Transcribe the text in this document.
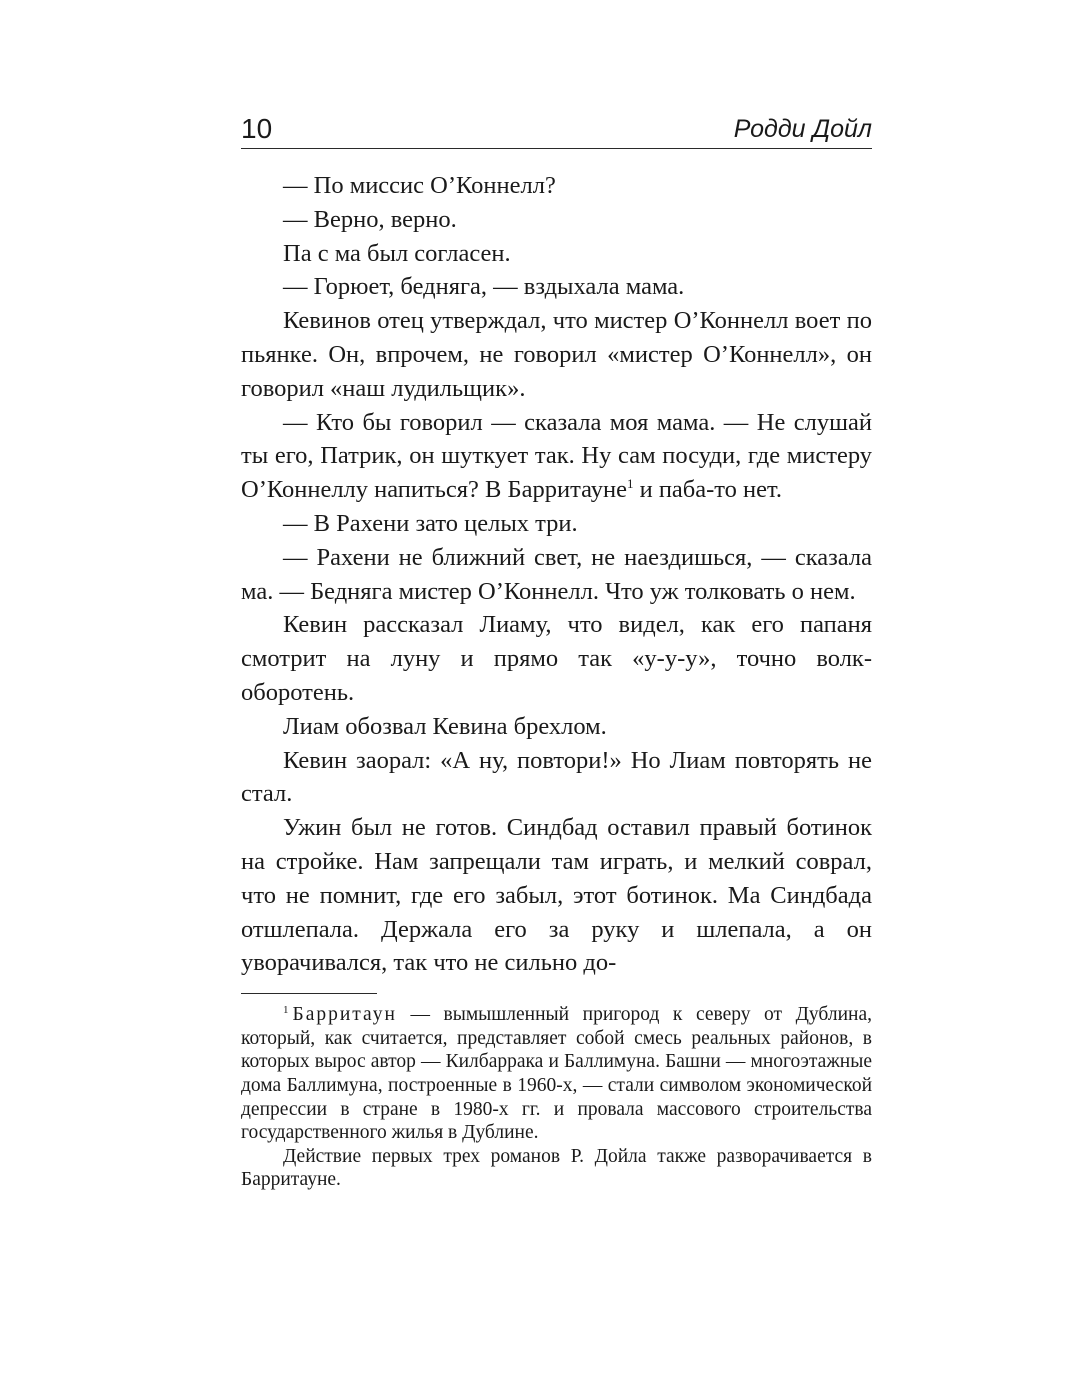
10	Родди Дойл

— По миссис О’Коннелл?

— Верно, верно.

Па с ма был согласен.

— Горюет, бедняга, — вздыхала мама.

Кевинов отец утверждал, что мистер О’Коннелл воет по пьянке. Он, впрочем, не говорил «мистер О’Коннелл», он говорил «наш лудильщик».

— Кто бы говорил — сказала моя мама. — Не слушай ты его, Патрик, он шуткует так. Ну сам посуди, где мистеру О’Коннеллу напиться? В Барритауне$^1$ и паба-то нет.

— В Рахени зато целых три.

— Рахени не ближний свет, не наездишься, — сказала ма. — Бедняга мистер О’Коннелл. Что уж толковать о нем.

Кевин рассказал Лиаму, что видел, как его папаня смотрит на луну и прямо так «у-у-у», точно волк-оборотень.

Лиам обозвал Кевина брехлом.

Кевин заорал: «А ну, повтори!» Но Лиам повторять не стал.

Ужин был не готов. Синдбад оставил правый ботинок на стройке. Нам запрещали там играть, и мелкий соврал, что не помнит, где его забыл, этот ботинок. Ма Синдбада отшлепала. Держала его за руку и шлепала, а он уворачивался, так что не сильно до-

$^1$ Барритаун — вымышленный пригород к северу от Дублина, который, как считается, представляет собой смесь реальных районов, в которых вырос автор — Килбаррака и Баллимуна. Башни — многоэтажные дома Баллимуна, построенные в 1960-х, — стали символом экономической депрессии в стране в 1980-х гг. и провала массового строительства государственного жилья в Дублине.

Действие первых трех романов Р. Дойла также разворачивается в Барритауне.
